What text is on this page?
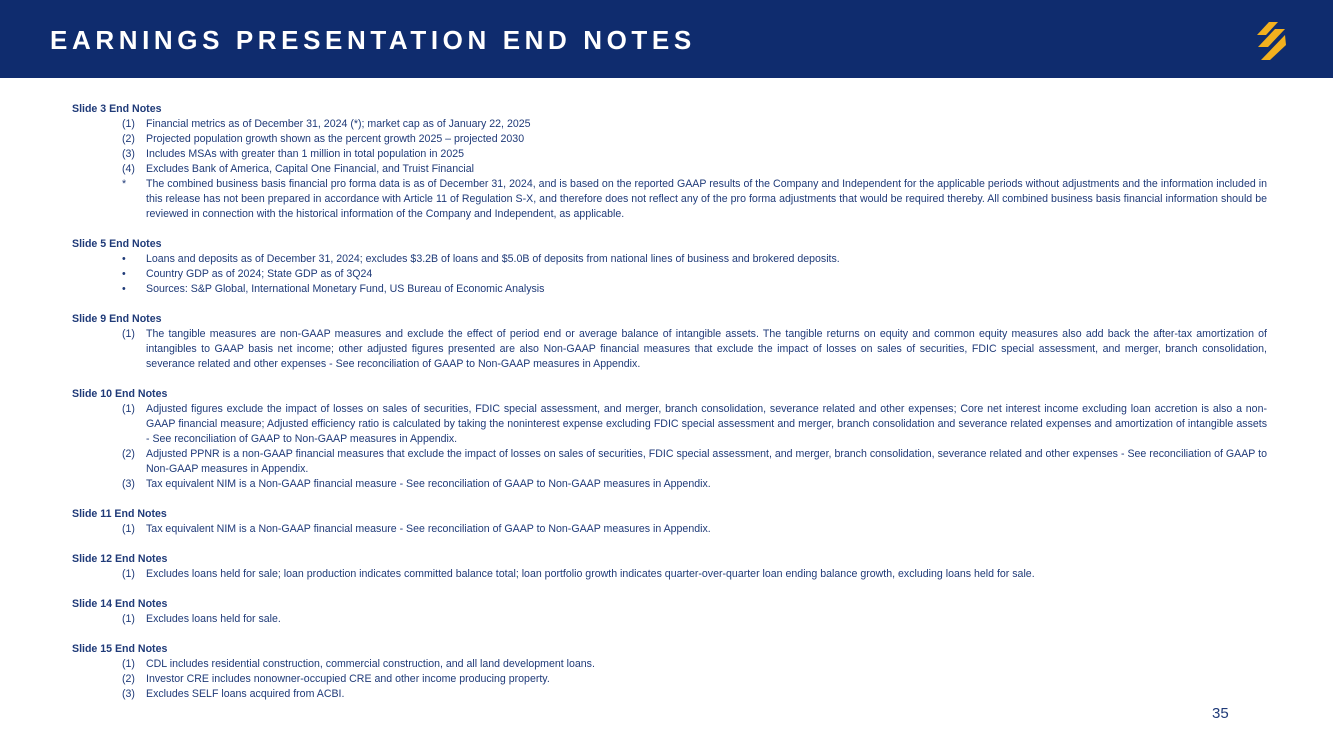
EARNINGS PRESENTATION END NOTES
Slide 3 End Notes
(1)	Financial metrics as of December 31, 2024 (*); market cap as of January 22, 2025
(2)	Projected population growth shown as the percent growth 2025 – projected 2030
(3)	Includes MSAs with greater than 1 million in total population in 2025
(4)	Excludes Bank of America, Capital One Financial, and Truist Financial
*	The combined business basis financial pro forma data is as of December 31, 2024, and is based on the reported GAAP results of the Company and Independent for the applicable periods without adjustments and the information included in this release has not been prepared in accordance with Article 11 of Regulation S-X, and therefore does not reflect any of the pro forma adjustments that would be required thereby. All combined business basis financial information should be reviewed in connection with the historical information of the Company and Independent, as applicable.
Slide 5 End Notes
•	Loans and deposits as of December 31, 2024; excludes $3.2B of loans and $5.0B of deposits from national lines of business and brokered deposits.
•	Country GDP as of 2024; State GDP as of 3Q24
•	Sources: S&P Global, International Monetary Fund, US Bureau of Economic Analysis
Slide 9 End Notes
(1)	The tangible measures are non-GAAP measures and exclude the effect of period end or average balance of intangible assets. The tangible returns on equity and common equity measures also add back the after-tax amortization of intangibles to GAAP basis net income; other adjusted figures presented are also Non-GAAP financial measures that exclude the impact of losses on sales of securities, FDIC special assessment, and merger, branch consolidation, severance related and other expenses - See reconciliation of GAAP to Non-GAAP measures in Appendix.
Slide 10 End Notes
(1)	Adjusted figures exclude the impact of losses on sales of securities, FDIC special assessment, and merger, branch consolidation, severance related and other expenses; Core net interest income excluding loan accretion is also a non-GAAP financial measure; Adjusted efficiency ratio is calculated by taking the noninterest expense excluding FDIC special assessment and merger, branch consolidation and severance related expenses and amortization of intangible assets - See reconciliation of GAAP to Non-GAAP measures in Appendix.
(2)	Adjusted PPNR is a non-GAAP financial measures that exclude the impact of losses on sales of securities, FDIC special assessment, and merger, branch consolidation, severance related and other expenses - See reconciliation of GAAP to Non-GAAP measures in Appendix.
(3)	Tax equivalent NIM is a Non-GAAP financial measure - See reconciliation of GAAP to Non-GAAP measures in Appendix.
Slide 11 End Notes
(1)	Tax equivalent NIM is a Non-GAAP financial measure - See reconciliation of GAAP to Non-GAAP measures in Appendix.
Slide 12 End Notes
(1)	Excludes loans held for sale; loan production indicates committed balance total; loan portfolio growth indicates quarter-over-quarter loan ending balance growth, excluding loans held for sale.
Slide 14 End Notes
(1)	Excludes loans held for sale.
Slide 15 End Notes
(1)	CDL includes residential construction, commercial construction, and all land development loans.
(2)	Investor CRE includes nonowner-occupied CRE and other income producing property.
(3)	Excludes SELF loans acquired from ACBI.
35
